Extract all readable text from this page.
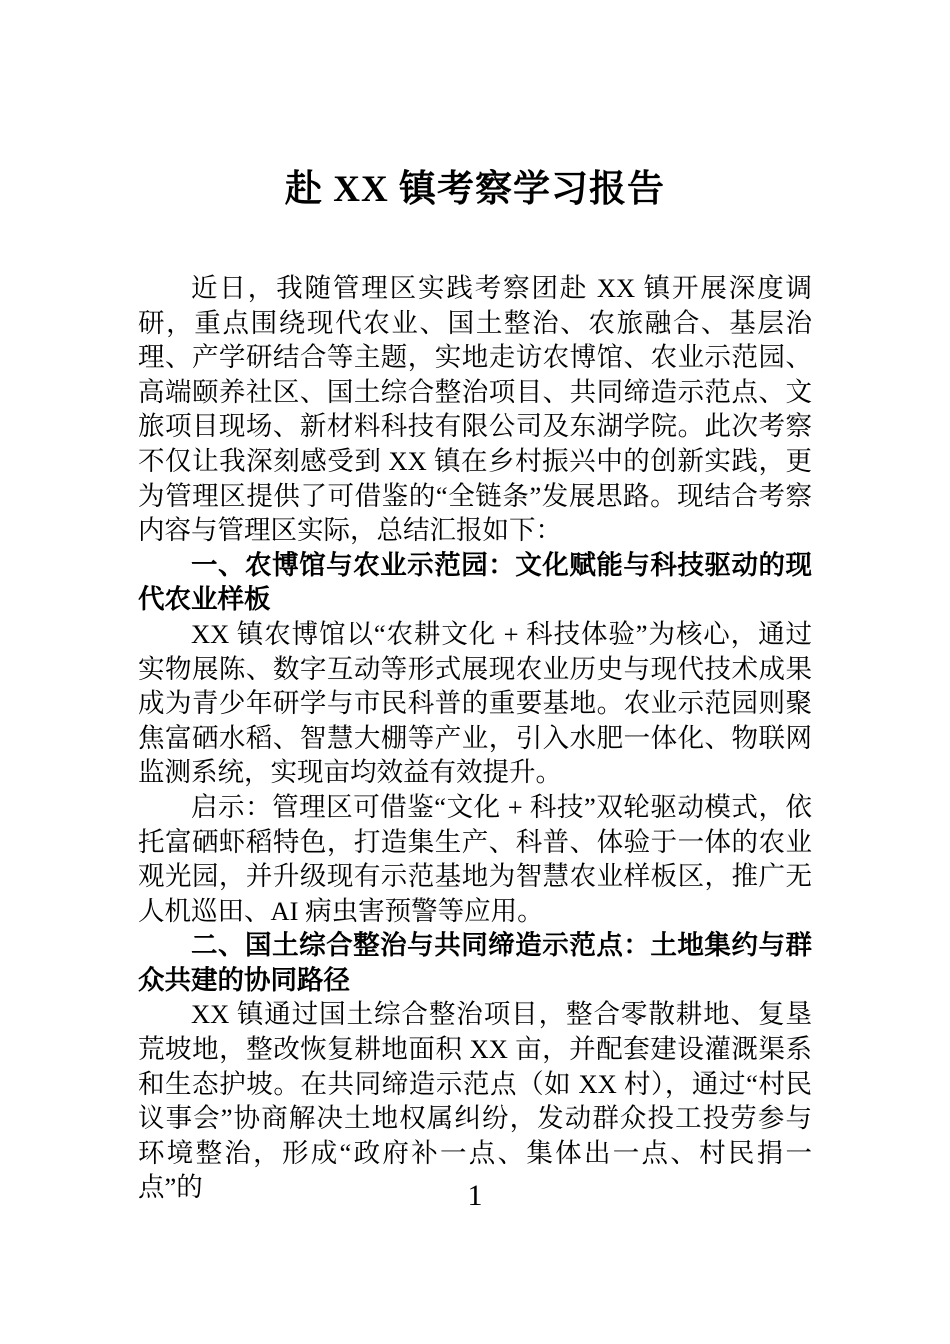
赴 XX 镇考察学习报告

近日，我随管理区实践考察团赴 XX 镇开展深度调研，重点围绕现代农业、国土整治、农旅融合、基层治理、产学研结合等主题，实地走访农博馆、农业示范园、高端颐养社区、国土综合整治项目、共同缔造示范点、文旅项目现场、新材料科技有限公司及东湖学院。此次考察不仅让我深刻感受到 XX 镇在乡村振兴中的创新实践，更为管理区提供了可借鉴的“全链条”发展思路。现结合考察内容与管理区实际，总结汇报如下：

一、农博馆与农业示范园：文化赋能与科技驱动的现代农业样板

XX 镇农博馆以“农耕文化 + 科技体验”为核心，通过实物展陈、数字互动等形式展现农业历史与现代技术成果成为青少年研学与市民科普的重要基地。农业示范园则聚焦富硒水稻、智慧大棚等产业，引入水肥一体化、物联网监测系统，实现亩均效益有效提升。

启示：管理区可借鉴“文化 + 科技”双轮驱动模式，依托富硒虾稻特色，打造集生产、科普、体验于一体的农业观光园，并升级现有示范基地为智慧农业样板区，推广无人机巡田、AI 病虫害预警等应用。

二、国土综合整治与共同缔造示范点：土地集约与群众共建的协同路径

XX 镇通过国土综合整治项目，整合零散耕地、复垦荒坡地，整改恢复耕地面积 XX 亩，并配套建设灌溉渠系和生态护坡。在共同缔造示范点（如 XX 村），通过“村民议事会”协商解决土地权属纠纷，发动群众投工投劳参与环境整治，形成“政府补一点、集体出一点、村民捐一点”的	1
